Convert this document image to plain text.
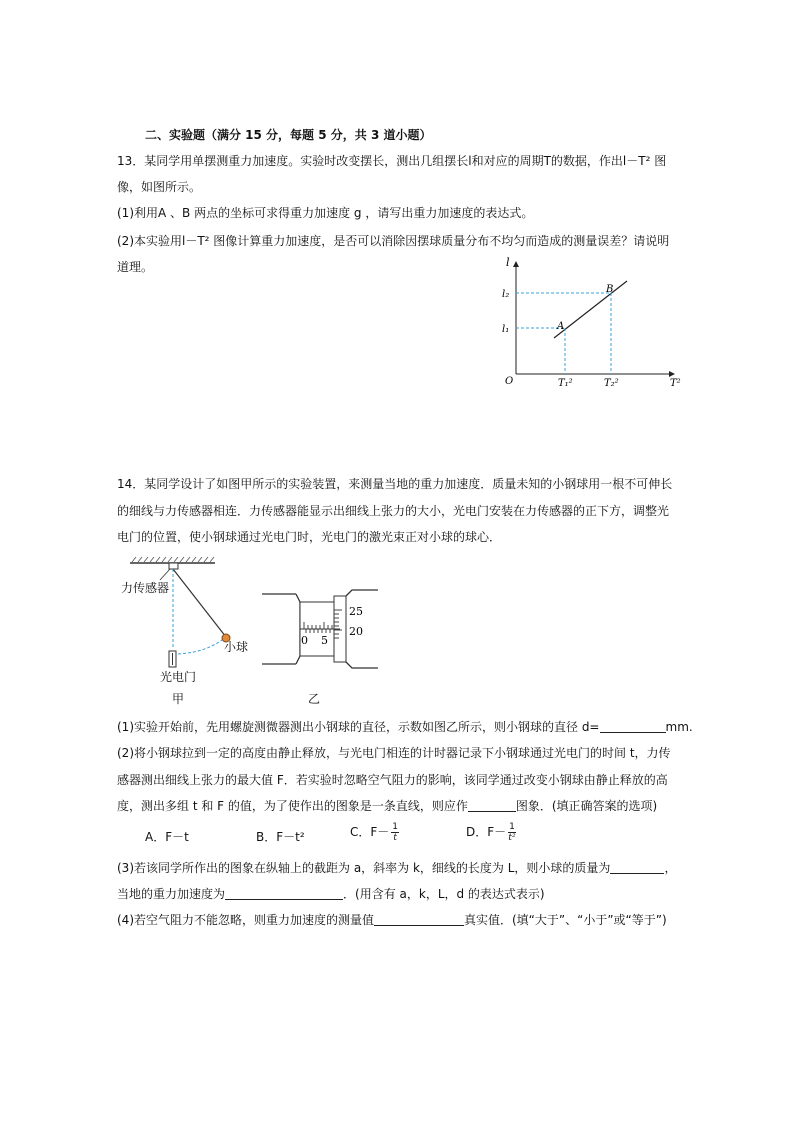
二、实验题（满分 15 分，每题 5 分，共 3 道小题）
13．某同学用单摆测重力加速度。实验时改变摆长，测出几组摆长l和对应的周期T的数据，作出l－T² 图
像，如图所示。
(1)利用A 、B 两点的坐标可求得重力加速度 g ，请写出重力加速度的表达式。
(2)本实验用l－T² 图像计算重力加速度，是否可以消除因摆球质量分布不均匀而造成的测量误差？请说明
道理。	l
l₂
l₁
O	T₁²	T₂²	T²
A
B
14．某同学设计了如图甲所示的实验装置，来测量当地的重力加速度．质量未知的小钢球用一根不可伸长
的细线与力传感器相连．力传感器能显示出细线上张力的大小，光电门安装在力传感器的正下方，调整光
电门的位置，使小钢球通过光电门时，光电门的激光束正对小球的球心．
力传感器
小球
光电门
甲
25
20
0 5
乙
(1)实验开始前，先用螺旋测微器测出小钢球的直径，示数如图乙所示，则小钢球的直径 d=	mm.
(2)将小钢球拉到一定的高度由静止释放，与光电门相连的计时器记录下小钢球通过光电门的时间 t，力传
感器测出细线上张力的最大值 F．若实验时忽略空气阻力的影响，该同学通过改变小钢球由静止释放的高
度，测出多组 t 和 F 的值，为了使作出的图象是一条直线，则应作	图象．(填正确答案的选项)
A．F－t	B．F－t²	C．$F- \frac{1}{t}$	D．$F- \frac{1}{\text{t²}}$
(3)若该同学所作出的图象在纵轴上的截距为 a，斜率为 k，细线的长度为 L，则小球的质量为	，
当地的重力加速度为	．(用含有 a，k，L，d 的表达式表示)
(4)若空气阻力不能忽略，则重力加速度的测量值	真实值．(填“大于”、“小于”或“等于”)
